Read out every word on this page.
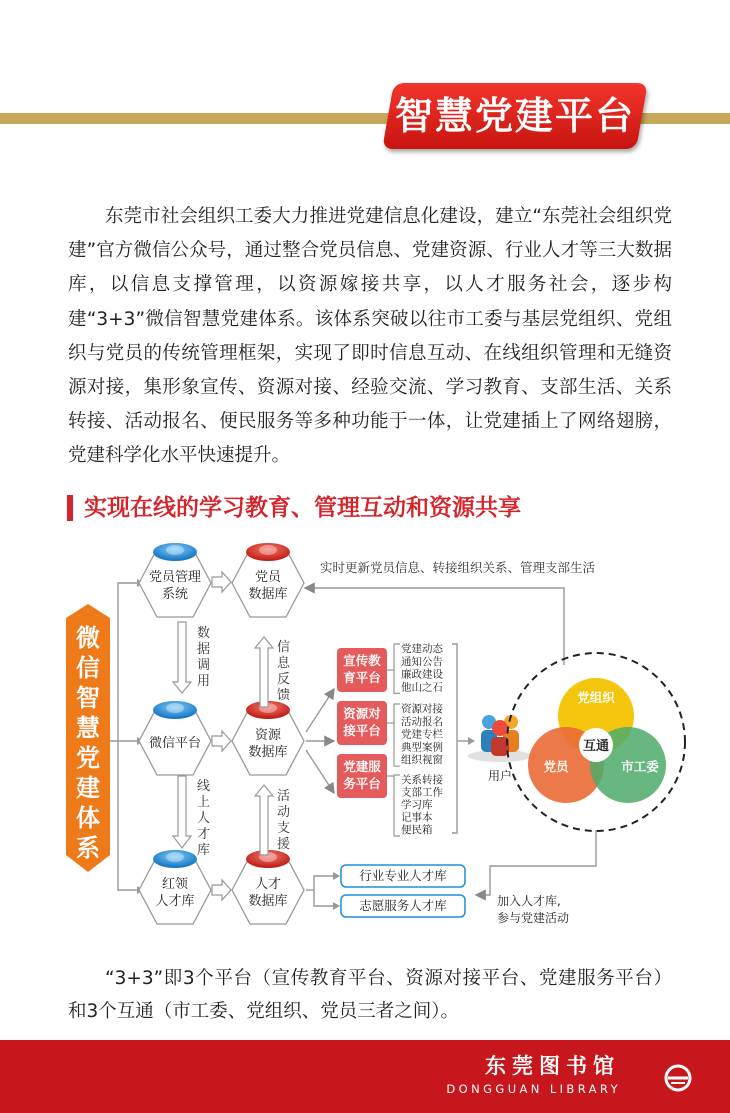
智慧党建平台

东莞市社会组织工委大力推进党建信息化建设，建立“东莞社会组织党建”官方微信公众号，通过整合党员信息、党建资源、行业人才等三大数据库，以信息支撑管理，以资源嫁接共享，以人才服务社会，逐步构建“3+3”微信智慧党建体系。该体系突破以往市工委与基层党组织、党组织与党员的传统管理框架，实现了即时信息互动、在线组织管理和无缝资源对接，集形象宣传、资源对接、经验交流、学习教育、支部生活、关系转接、活动报名、便民服务等多种功能于一体，让党建插上了网络翅膀，党建科学化水平快速提升。

实现在线的学习教育、管理互动和资源共享
微信智慧党建体系
党员管理
系统
党员
数据库
微信平台
资源
数据库
红领
人才库
人才
数据库
数据调用
信息反馈
线上人才库
活动支援
实时更新党员信息、转接组织关系、管理支部生活
宣传教
育平台
党建动态
通知公告
廉政建设
他山之石
资源对
接平台
资源对接
活动报名
党建专栏
典型案例
组织视窗
党建服
务平台 关系转接
支部工作
学习库
记事本
便民箱
用户
党组织
党员	市工委
互通
行业专业人才库
志愿服务人才库	加入人才库,
参与党建活动

“3+3”即3个平台（宣传教育平台、资源对接平台、党建服务平台）和3个互通（市工委、党组织、党员三者之间）。

东莞图书馆
DONGGUAN LIBRARY
